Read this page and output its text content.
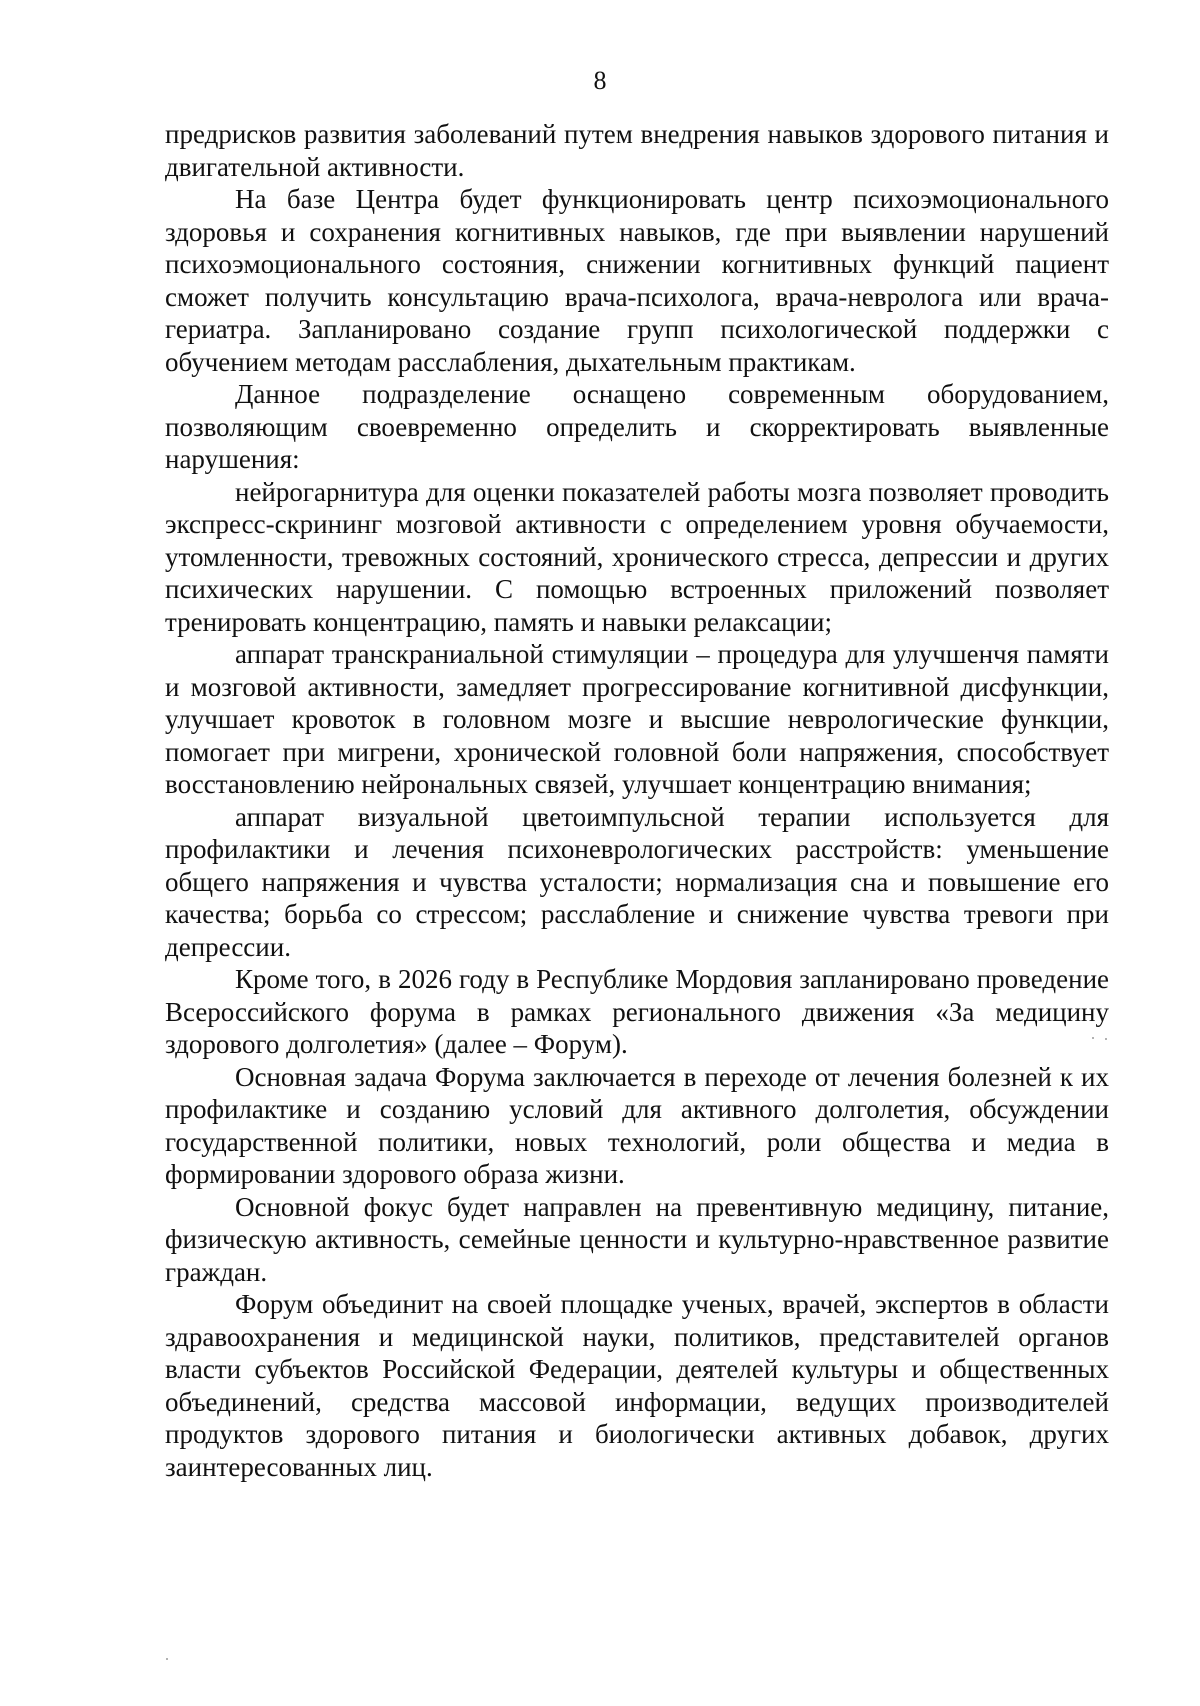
8

предрисков развития заболеваний путем внедрения навыков здорового питания и двигательной активности.

На базе Центра будет функционировать центр психоэмоционального здоровья и сохранения когнитивных навыков, где при выявлении нарушений психоэмоционального состояния, снижении когнитивных функций пациент сможет получить консультацию врача-психолога, врача-невролога или врача-гериатра. Запланировано создание групп психологической поддержки с обучением методам расслабления, дыхательным практикам.

Данное подразделение оснащено современным оборудованием, позволяющим своевременно определить и скорректировать выявленные нарушения:

нейрогарнитура для оценки показателей работы мозга позволяет проводить экспресс-скрининг мозговой активности с определением уровня обучаемости, утомленности, тревожных состояний, хронического стресса, депрессии и других психических нарушении. С помощью встроенных приложений позволяет тренировать концентрацию, память и навыки релаксации;

аппарат транскраниальной стимуляции – процедура для улучшенчя памяти и мозговой активности, замедляет прогрессирование когнитивной дисфункции, улучшает кровоток в головном мозге и высшие неврологические функции, помогает при мигрени, хронической головной боли напряжения, способствует восстановлению нейрональных связей, улучшает концентрацию внимания;

аппарат визуальной цветоимпульсной терапии используется для профилактики и лечения психоневрологических расстройств: уменьшение общего напряжения и чувства усталости; нормализация сна и повышение его качества; борьба со стрессом; расслабление и снижение чувства тревоги при депрессии.

Кроме того, в 2026 году в Республике Мордовия запланировано проведение Всероссийского форума в рамках регионального движения «За медицину здорового долголетия» (далее – Форум).

Основная задача Форума заключается в переходе от лечения болезней к их профилактике и созданию условий для активного долголетия, обсуждении государственной политики, новых технологий, роли общества и медиа в формировании здорового образа жизни.

Основной фокус будет направлен на превентивную медицину, питание, физическую активность, семейные ценности и культурно-нравственное развитие граждан.

Форум объединит на своей площадке ученых, врачей, экспертов в области здравоохранения и медицинской науки, политиков, представителей органов власти субъектов Российской Федерации, деятелей культуры и общественных объединений, средства массовой информации, ведущих производителей продуктов здорового питания и биологически активных добавок, других заинтересованных лиц.
